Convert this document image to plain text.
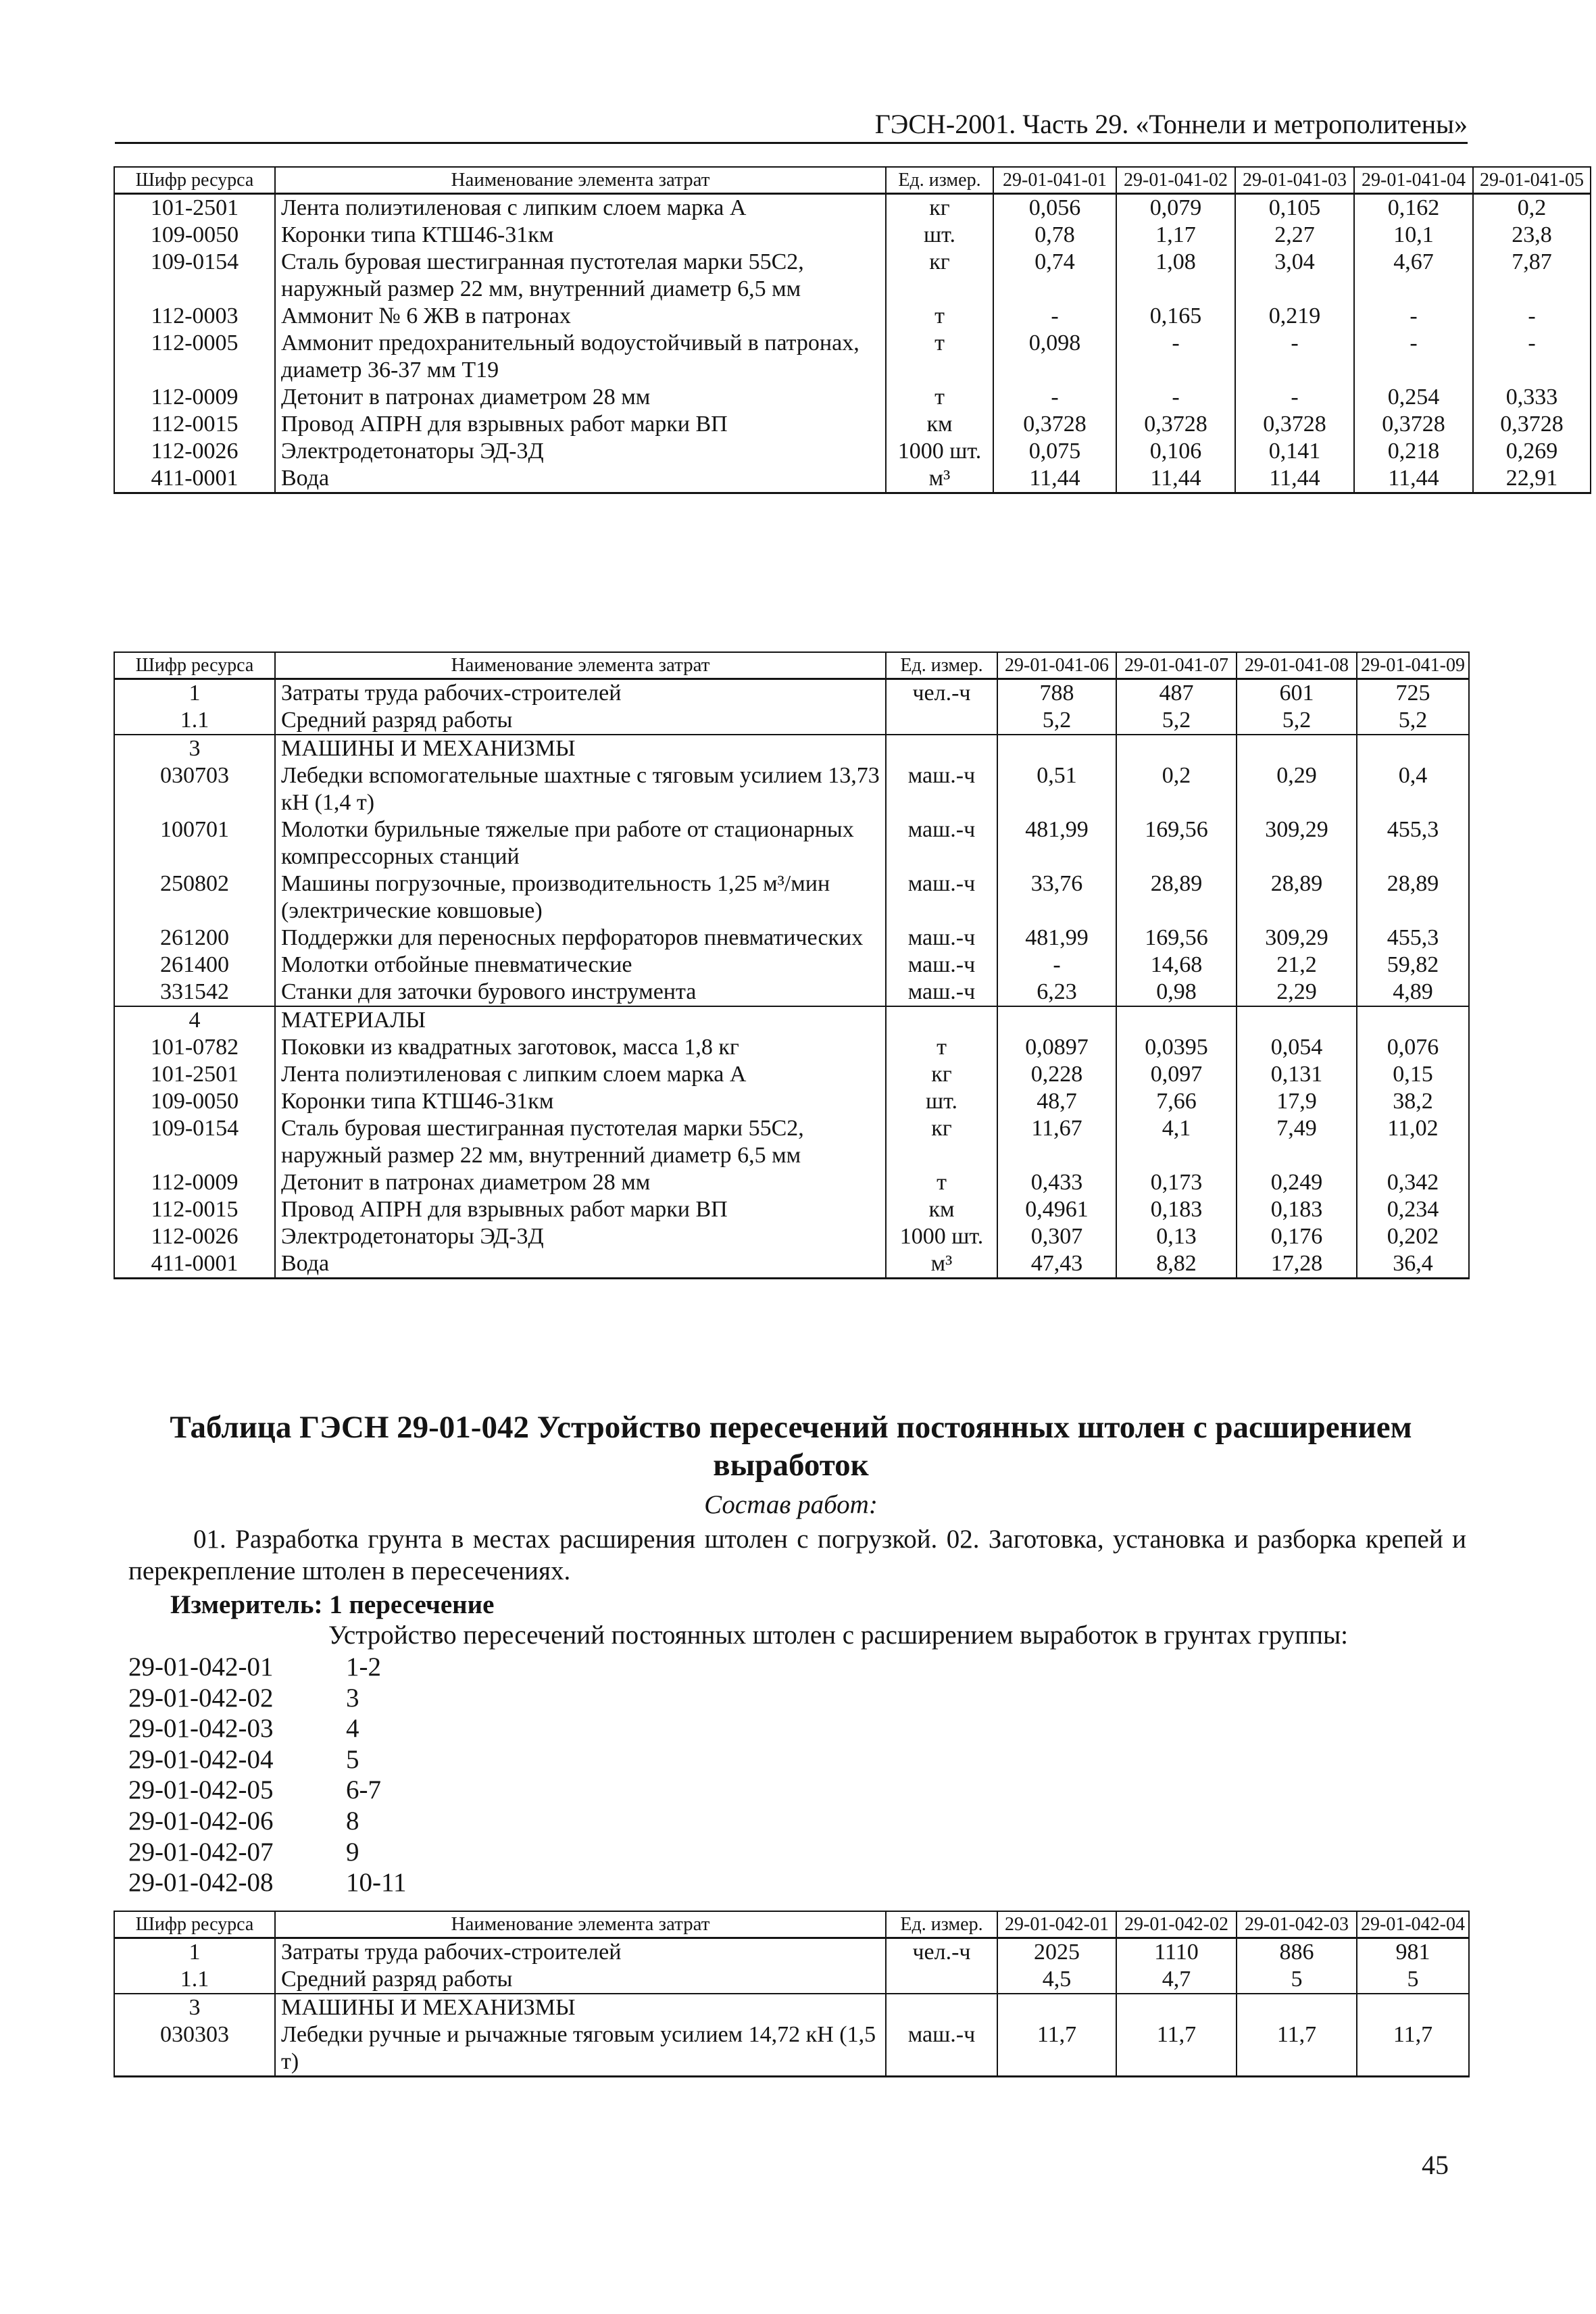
ГЭСН-2001. Часть 29. «Тоннели и метрополитены»
Шифр ресурса	Наименование элемента затрат	Ед. измер.	29-01-041-01	29-01-041-02	29-01-041-03	29-01-041-04	29-01-041-05
101-2501	Лента полиэтиленовая с липким слоем марка А	кг	0,056	0,079	0,105	0,162	0,2
109-0050	Коронки типа КТШ46-31км	шт.	0,78	1,17	2,27	10,1	23,8
109-0154	Сталь буровая шестигранная пустотелая марки 55С2, наружный размер 22 мм, внутренний диаметр 6,5 мм	кг	0,74	1,08	3,04	4,67	7,87
112-0003	Аммонит № 6 ЖВ в патронах	т	-	0,165	0,219	-	-
112-0005	Аммонит предохранительный водоустойчивый в патронах, диаметр 36-37 мм Т19	т	0,098	-	-	-	-
112-0009	Детонит в патронах диаметром 28 мм	т	-	-	-	0,254	0,333
112-0015	Провод АПРН для взрывных работ марки ВП	км	0,3728	0,3728	0,3728	0,3728	0,3728
112-0026	Электродетонаторы ЭД-3Д	1000 шт.	0,075	0,106	0,141	0,218	0,269
411-0001	Вода	м³	11,44	11,44	11,44	11,44	22,91
Шифр ресурса	Наименование элемента затрат	Ед. измер.	29-01-041-06	29-01-041-07	29-01-041-08	29-01-041-09
1	Затраты труда рабочих-строителей	чел.-ч	788	487	601	725
1.1	Средний разряд работы		5,2	5,2	5,2	5,2
3	МАШИНЫ И МЕХАНИЗМЫ					
030703	Лебедки вспомогательные шахтные с тяговым усилием 13,73 кН (1,4 т)	маш.-ч	0,51	0,2	0,29	0,4
100701	Молотки бурильные тяжелые при работе от стационарных компрессорных станций	маш.-ч	481,99	169,56	309,29	455,3
250802	Машины погрузочные, производительность 1,25 м³/мин (электрические ковшовые)	маш.-ч	33,76	28,89	28,89	28,89
261200	Поддержки для переносных перфораторов пневматических	маш.-ч	481,99	169,56	309,29	455,3
261400	Молотки отбойные пневматические	маш.-ч	-	14,68	21,2	59,82
331542	Станки для заточки бурового инструмента	маш.-ч	6,23	0,98	2,29	4,89
4	МАТЕРИАЛЫ					
101-0782	Поковки из квадратных заготовок, масса 1,8 кг	т	0,0897	0,0395	0,054	0,076
101-2501	Лента полиэтиленовая с липким слоем марка А	кг	0,228	0,097	0,131	0,15
109-0050	Коронки типа КТШ46-31км	шт.	48,7	7,66	17,9	38,2
109-0154	Сталь буровая шестигранная пустотелая марки 55С2, наружный размер 22 мм, внутренний диаметр 6,5 мм	кг	11,67	4,1	7,49	11,02
112-0009	Детонит в патронах диаметром 28 мм	т	0,433	0,173	0,249	0,342
112-0015	Провод АПРН для взрывных работ марки ВП	км	0,4961	0,183	0,183	0,234
112-0026	Электродетонаторы ЭД-3Д	1000 шт.	0,307	0,13	0,176	0,202
411-0001	Вода	м³	47,43	8,82	17,28	36,4
Таблица ГЭСН 29-01-042 Устройство пересечений постоянных штолен с расширением выработок
Состав работ:
01. Разработка грунта в местах расширения штолен с погрузкой. 02. Заготовка, установка и разборка крепей и перекрепление штолен в пересечениях.
Измеритель: 1 пересечение
Устройство пересечений постоянных штолен с расширением выработок в грунтах группы:
29-01-042-01	1-2
29-01-042-02	3
29-01-042-03	4
29-01-042-04	5
29-01-042-05	6-7
29-01-042-06	8
29-01-042-07	9
29-01-042-08	10-11
Шифр ресурса	Наименование элемента затрат	Ед. измер.	29-01-042-01	29-01-042-02	29-01-042-03	29-01-042-04
1	Затраты труда рабочих-строителей	чел.-ч	2025	1110	886	981
1.1	Средний разряд работы		4,5	4,7	5	5
3	МАШИНЫ И МЕХАНИЗМЫ					
030303	Лебедки ручные и рычажные тяговым усилием 14,72 кН (1,5 т)	маш.-ч	11,7	11,7	11,7	11,7
45
